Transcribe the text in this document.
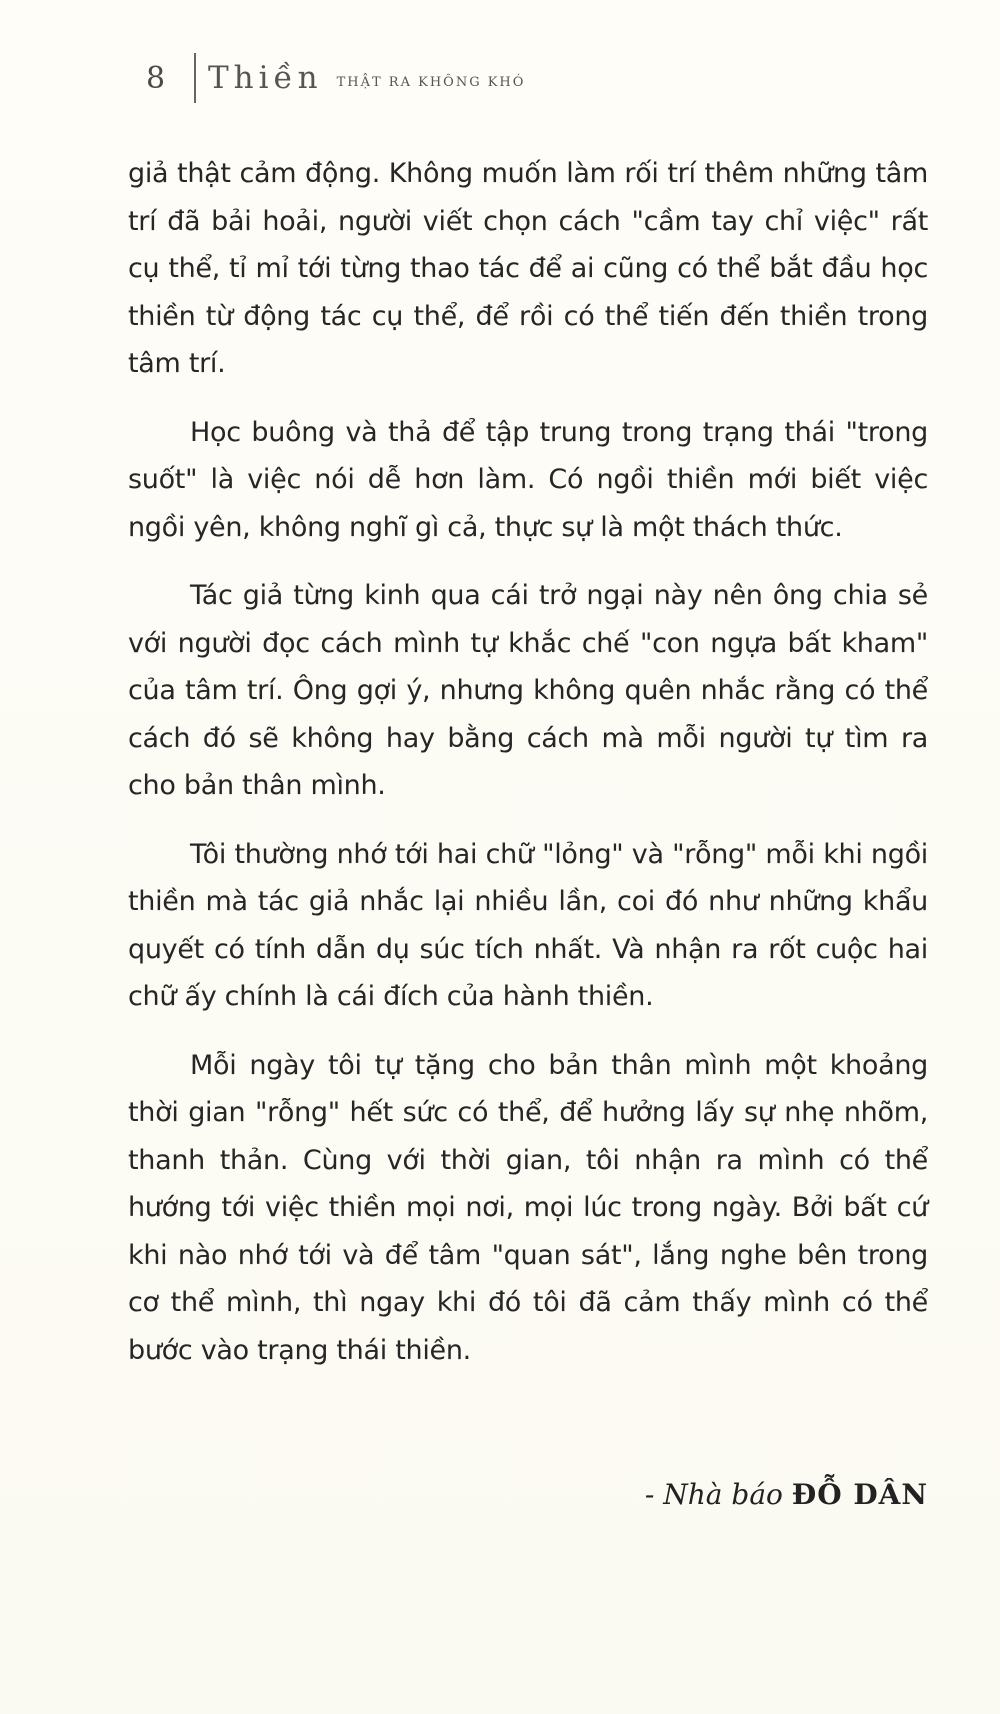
8	Thiền THẬT RA KHÔNG KHÓ

giả thật cảm động. Không muốn làm rối trí thêm những tâm trí đã bải hoải, người viết chọn cách "cầm tay chỉ việc" rất cụ thể, tỉ mỉ tới từng thao tác để ai cũng có thể bắt đầu học thiền từ động tác cụ thể, để rồi có thể tiến đến thiền trong tâm trí.

Học buông và thả để tập trung trong trạng thái "trong suốt" là việc nói dễ hơn làm. Có ngồi thiền mới biết việc ngồi yên, không nghĩ gì cả, thực sự là một thách thức.

Tác giả từng kinh qua cái trở ngại này nên ông chia sẻ với người đọc cách mình tự khắc chế "con ngựa bất kham" của tâm trí. Ông gợi ý, nhưng không quên nhắc rằng có thể cách đó sẽ không hay bằng cách mà mỗi người tự tìm ra cho bản thân mình.

Tôi thường nhớ tới hai chữ "lỏng" và "rỗng" mỗi khi ngồi thiền mà tác giả nhắc lại nhiều lần, coi đó như những khẩu quyết có tính dẫn dụ súc tích nhất. Và nhận ra rốt cuộc hai chữ ấy chính là cái đích của hành thiền.

Mỗi ngày tôi tự tặng cho bản thân mình một khoảng thời gian "rỗng" hết sức có thể, để hưởng lấy sự nhẹ nhõm, thanh thản. Cùng với thời gian, tôi nhận ra mình có thể hướng tới việc thiền mọi nơi, mọi lúc trong ngày. Bởi bất cứ khi nào nhớ tới và để tâm "quan sát", lắng nghe bên trong cơ thể mình, thì ngay khi đó tôi đã cảm thấy mình có thể bước vào trạng thái thiền.

- Nhà báo ĐỖ DÂN
